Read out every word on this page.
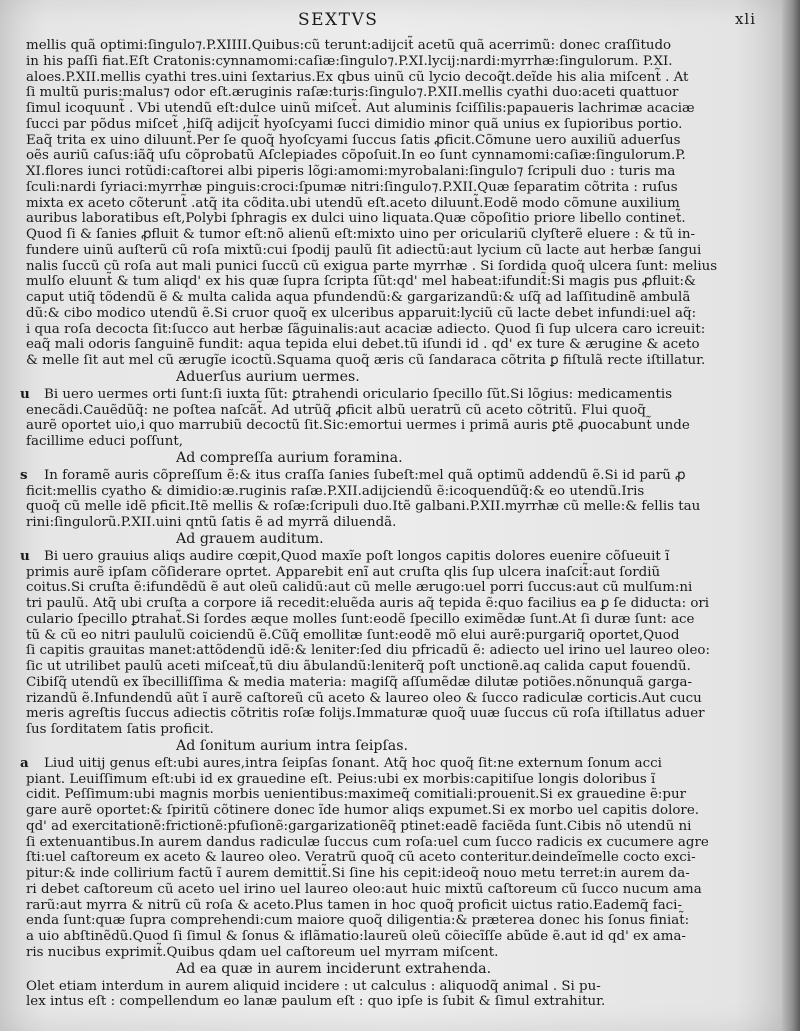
SEXTVS	xli
mellis quã optimi:ſingulo⁊.P.XIIII.Quibus:cũ terunt:adijcit̃ acetũ quã acerrimũ: donec craſſitudo
in his paſſi fiat.Eſt Cratonis:cynnamomi:caſiæ:ſingulo⁊.P.XI.lycij:nardi:myrrhæ:ſingulorum. P.XI.
aloes.P.XII.mellis cyathi tres.uini ſextarius.Ex qbus uinũ cũ lycio decoq̃t.deĩde his alia miſcent̃ . At
ſi multũ puris:malus⁊ odor eſt.æruginis raſæ:turis:ſingulo⁊.P.XII.mellis cyathi duo:aceti quattuor
ſimul icoquunt̃ . Vbi utendũ eſt:dulce uinũ miſcet̃. Aut aluminis ſciſſilis:papaueris lachrimæ acaciæ
ſucci par põdus miſcet̃ ,hiſq̃ adijcit̃ hyoſcyami ſucci dimidio minor quã unius ex ſupioribus portio.
Eaq̃ trita ex uino diluunt̃.Per ſe quoq̃ hyoſcyami ſuccus ſatis ꝓficit.Cõmune uero auxiliũ aduerſus
oẽs auriũ caſus:iãq̃ uſu cõprobatũ Aſclepiades cõpoſuit.In eo ſunt cynnamomi:caſiæ:ſingulorum.P.
XI.flores iunci rotũdi:caſtorei albi piperis lõgi:amomi:myrobalani:ſingulo⁊ ſcripuli duo : turis ma
ſculi:nardi ſyriaci:myrrhæ pinguis:croci:ſpumæ nitri:ſingulo⁊.P.XII.Quæ ſeparatim cõtrita : ruſus
mixta ex aceto cõterunt̃ .atq̃ ita cõdita.ubi utendũ eſt.aceto diluunt̃.Eodẽ modo cõmune auxilium
auribus laboratibus eſt,Polybi ſphragis ex dulci uino liquata.Quæ cõpoſitio priore libello continet̃.
Quod ſi & ſanies ꝓfluit & tumor eſt:nõ alienũ eſt:mixto uino per oriculariũ clyſterẽ eluere : & tũ in-
fundere uinũ auſterũ cũ roſa mixtũ:cui ſpodij paulũ ſit adiectũ:aut lycium cũ lacte aut herbæ ſangui
nalis ſuccũ cũ roſa aut mali punici ſuccũ cũ exigua parte myrrhæ . Si ſordida quoq̃ ulcera ſunt: melius
mulſo eluunt̃ & tum aliqd' ex his quæ ſupra ſcripta ſũt:qd' mel habeat:ifundit̃:Si magis pus ꝓfluit:&
caput utiq̃ tõdendũ ẽ & multa calida aqua pfundendũ:& gargarizandũ:& uſq̃ ad laſſitudinẽ ambulã
dũ:& cibo modico utendũ ẽ.Si cruor quoq̃ ex ulceribus apparuit:lyciũ cũ lacte debet infundi:uel aq̃:
i qua roſa decocta ſit:ſucco aut herbæ ſãguinalis:aut acaciæ adiecto. Quod ſi ſup ulcera caro icreuit:
eaq̃ mali odoris ſanguinẽ fundit: aqua tepida elui debet.tũ iſundi id . qd' ex ture & ærugine & aceto
& melle ſit aut mel cũ ærugĩe icoctũ.Squama quoq̃ æris cũ ſandaraca cõtrita ꝑ fiſtulã recte iſtillatur.
Aduerſus aurium uermes.
u Bi uero uermes orti ſunt:ſi iuxta ſũt: ꝑtrahendi oriculario ſpecillo ſũt.Si lõgius: medicamentis
enecãdi.Cauẽdũq̃: ne poſtea naſcãt̃. Ad utrũq̃ ꝓficit albũ ueratrũ cũ aceto cõtritũ. Flui quoq̃
aurẽ oportet uio,i quo marrubiũ decoctũ ſit.Sic:emortui uermes i primã auris ꝑtẽ ꝓuocabunt̃ unde
facillime educi poſſunt,
Ad compreſſa aurium foramina.
s In foramẽ auris cõpreſſum ẽ:& itus craſſa ſanies ſubeſt:mel quã optimũ addendũ ẽ.Si id parũ ꝓ
ficit:mellis cyatho & dimidio:æ.ruginis raſæ.P.XII.adijciendũ ẽ:icoquendũq̃:& eo utendũ.Iris
quoq̃ cũ melle idẽ pficit.Itẽ mellis & roſæ:ſcripuli duo.Itẽ galbani.P.XII.myrrhæ cũ melle:& fellis tau
rini:ſingulorũ.P.XII.uini qntũ ſatis ẽ ad myrrã diluendã.
Ad grauem auditum.
u Bi uero grauius aliqs audire cœpit,Quod maxĩe poſt longos capitis dolores euenire cõſueuit ĩ
primis aurẽ ipſam cõſiderare oprtet. Apparebit enĩ aut cruſta qlis ſup ulcera inaſcit̃:aut ſordiũ
coitus.Si cruſta ẽ:ifundẽdũ ẽ aut oleũ calidũ:aut cũ melle ærugo:uel porri ſuccus:aut cũ mulſum:ni
tri paulũ. Atq̃ ubi cruſta a corpore iã recedit:eluẽda auris aq̃ tepida ẽ:quo facilius ea ꝑ ſe diducta: ori
culario ſpecillo ꝑtrahat̃.Si ſordes æque molles ſunt:eodẽ ſpecillo eximẽdæ ſunt.At ſi duræ ſunt: ace
tũ & cũ eo nitri paululũ coiciendũ ẽ.Cũq̃ emollitæ ſunt:eodẽ mõ elui aurẽ:purgariq̃ oportet,Quod
ſi capitis grauitas manet:attõdendũ idẽ:& leniter:ſed diu pfricadũ ẽ: adiecto uel irino uel laureo oleo:
ſic ut utrilibet paulũ aceti miſceat̃,tũ diu ãbulandũ:leniterq̃ poſt unctionẽ.aq calida caput fouendũ.
Cibiſq̃ utendũ ex ĩbecilliſſima & media materia: magiſq̃ aſſumẽdæ dilutæ potiões.nõnunquã garga-
rizandũ ẽ.Infundendũ aũt ĩ aurẽ caſtoreũ cũ aceto & laureo oleo & ſucco radiculæ corticis.Aut cucu
meris agreſtis ſuccus adiectis cõtritis roſæ folijs.Immaturæ quoq̃ uuæ ſuccus cũ roſa iſtillatus aduer
ſus ſorditatem ſatis proficit.
Ad ſonitum aurium intra ſeipſas.
a Liud uitij genus eſt:ubi aures,intra ſeipſas ſonant. Atq̃ hoc quoq̃ ſit:ne externum ſonum acci
piant. Leuiſſimum eſt:ubi id ex grauedine eſt. Peius:ubi ex morbis:capitiſue longis doloribus ĩ
cidit. Peſſimum:ubi magnis morbis uenientibus:maximeq̃ comitiali:prouenit.Si ex grauedine ẽ:pur
gare aurẽ oportet:& ſpiritũ cõtinere donec ĩde humor aliqs expumet.Si ex morbo uel capitis dolore.
qd' ad exercitationẽ:frictionẽ:pfuſionẽ:gargarizationẽq̃ ptinet:eadẽ faciẽda ſunt.Cibis nõ utendũ ni
ſi extenuantibus.In aurem dandus radiculæ ſuccus cum roſa:uel cum ſucco radicis ex cucumere agre
ſti:uel caſtoreum ex aceto & laureo oleo. Veratrũ quoq̃ cũ aceto conteritur.deindeĩmelle cocto exci-
pitur:& inde collirium factũ ĩ aurem demittit̃.Si ſine his cepit:ideoq̃ nouo metu terret:in aurem da-
ri debet caſtoreum cũ aceto uel irino uel laureo oleo:aut huic mixtũ caſtoreum cũ ſucco nucum ama
rarũ:aut myrra & nitrũ cũ roſa & aceto.Plus tamen in hoc quoq̃ proficit uictus ratio.Eademq̃ faci-
enda ſunt:quæ ſupra comprehendi:cum maiore quoq̃ diligentia:& præterea donec his ſonus finiat̃:
a uio abſtinẽdũ.Quod ſi ſimul & ſonus & iflãmatio:laureũ oleũ cõiecĩſſe abũde ẽ.aut id qd' ex ama-
ris nucibus exprimit̃.Quibus qdam uel caſtoreum uel myrram miſcent.
Ad ea quæ in aurem inciderunt extrahenda.
Olet etiam interdum in aurem aliquid incidere : ut calculus : aliquodq̃ animal . Si pu-
lex intus eſt : compellendum eo lanæ paulum eſt : quo ipſe is ſubit & ſimul extrahitur.
